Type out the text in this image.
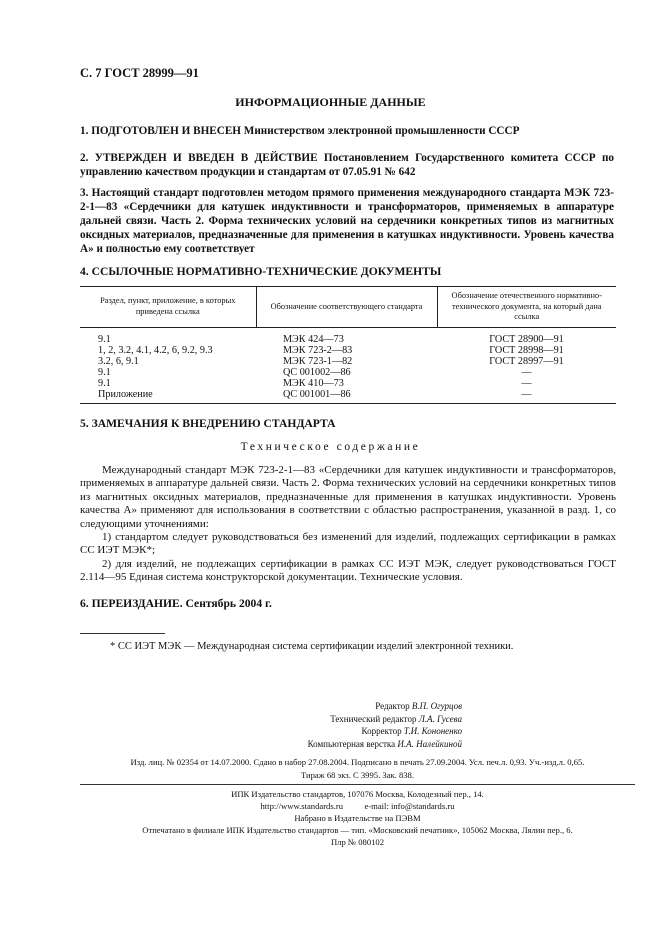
С. 7 ГОСТ 28999—91
ИНФОРМАЦИОННЫЕ ДАННЫЕ
1. ПОДГОТОВЛЕН И ВНЕСЕН Министерством электронной промышленности СССР
2. УТВЕРЖДЕН И ВВЕДЕН В ДЕЙСТВИЕ Постановлением Государственного комитета СССР по управлению качеством продукции и стандартам от 07.05.91 № 642
3. Настоящий стандарт подготовлен методом прямого применения международного стандарта МЭК 723-2-1—83 «Сердечники для катушек индуктивности и трансформаторов, применяемых в аппаратуре дальней связи. Часть 2. Форма технических условий на сердечники конкретных типов из магнитных оксидных материалов, предназначенные для применения в катушках индуктивности. Уровень качества А» и полностью ему соответствует
4. ССЫЛОЧНЫЕ НОРМАТИВНО-ТЕХНИЧЕСКИЕ ДОКУМЕНТЫ
Раздел, пункт, приложение, в которых приведена ссылка	Обозначение соответствующего стандарта	Обозначение отечественного нормативно-технического документа, на который дана ссылка
9.1	МЭК 424—73	ГОСТ 28900—91
1, 2, 3.2, 4.1, 4.2, 6, 9.2, 9.3	МЭК 723-2—83	ГОСТ 28998—91
3.2, 6, 9.1	МЭК 723-1—82	ГОСТ 28997—91
9.1	QC 001002—86	—
9.1	МЭК 410—73	—
Приложение	QC 001001—86	—
5. ЗАМЕЧАНИЯ К ВНЕДРЕНИЮ СТАНДАРТА
Техническое содержание

Международный стандарт МЭК 723-2-1—83 «Сердечники для катушек индуктивности и трансформаторов, применяемых в аппаратуре дальней связи. Часть 2. Форма технических условий на сердечники конкретных типов из магнитных оксидных материалов, предназначенные для применения в катушках индуктивности. Уровень качества А» применяют для использования в соответствии с областью распространения, указанной в разд. 1, со следующими уточнениями:

1) стандартом следует руководствоваться без изменений для изделий, подлежащих сертификации в рамках СС ИЭТ МЭК*;

2) для изделий, не подлежащих сертификации в рамках СС ИЭТ МЭК, следует руководствоваться ГОСТ 2.114—95 Единая система конструкторской документации. Технические условия.

6. ПЕРЕИЗДАНИЕ. Сентябрь 2004 г.
* СС ИЭТ МЭК — Международная система сертификации изделий электронной техники.
Редактор В.П. Огурцов
Технический редактор Л.А. Гусева
Корректор Т.И. Кононенко
Компьютерная верстка И.А. Налейкиной
Изд. лиц. № 02354 от 14.07.2000. Сдано в набор 27.08.2004. Подписано в печать 27.09.2004. Усл. печ.л. 0,93. Уч.-изд.л. 0,65.
Тираж 68 экз. С 3995. Зак. 838.
ИПК Издательство стандартов, 107076 Москва, Колодезный пер., 14.
http://www.standards.ru          e-mail: info@standards.ru
Набрано в Издательстве на ПЭВМ
Отпечатано в филиале ИПК Издательство стандартов — тип. «Московский печатник», 105062 Москва, Лялин пер., 6.
Плр № 080102
